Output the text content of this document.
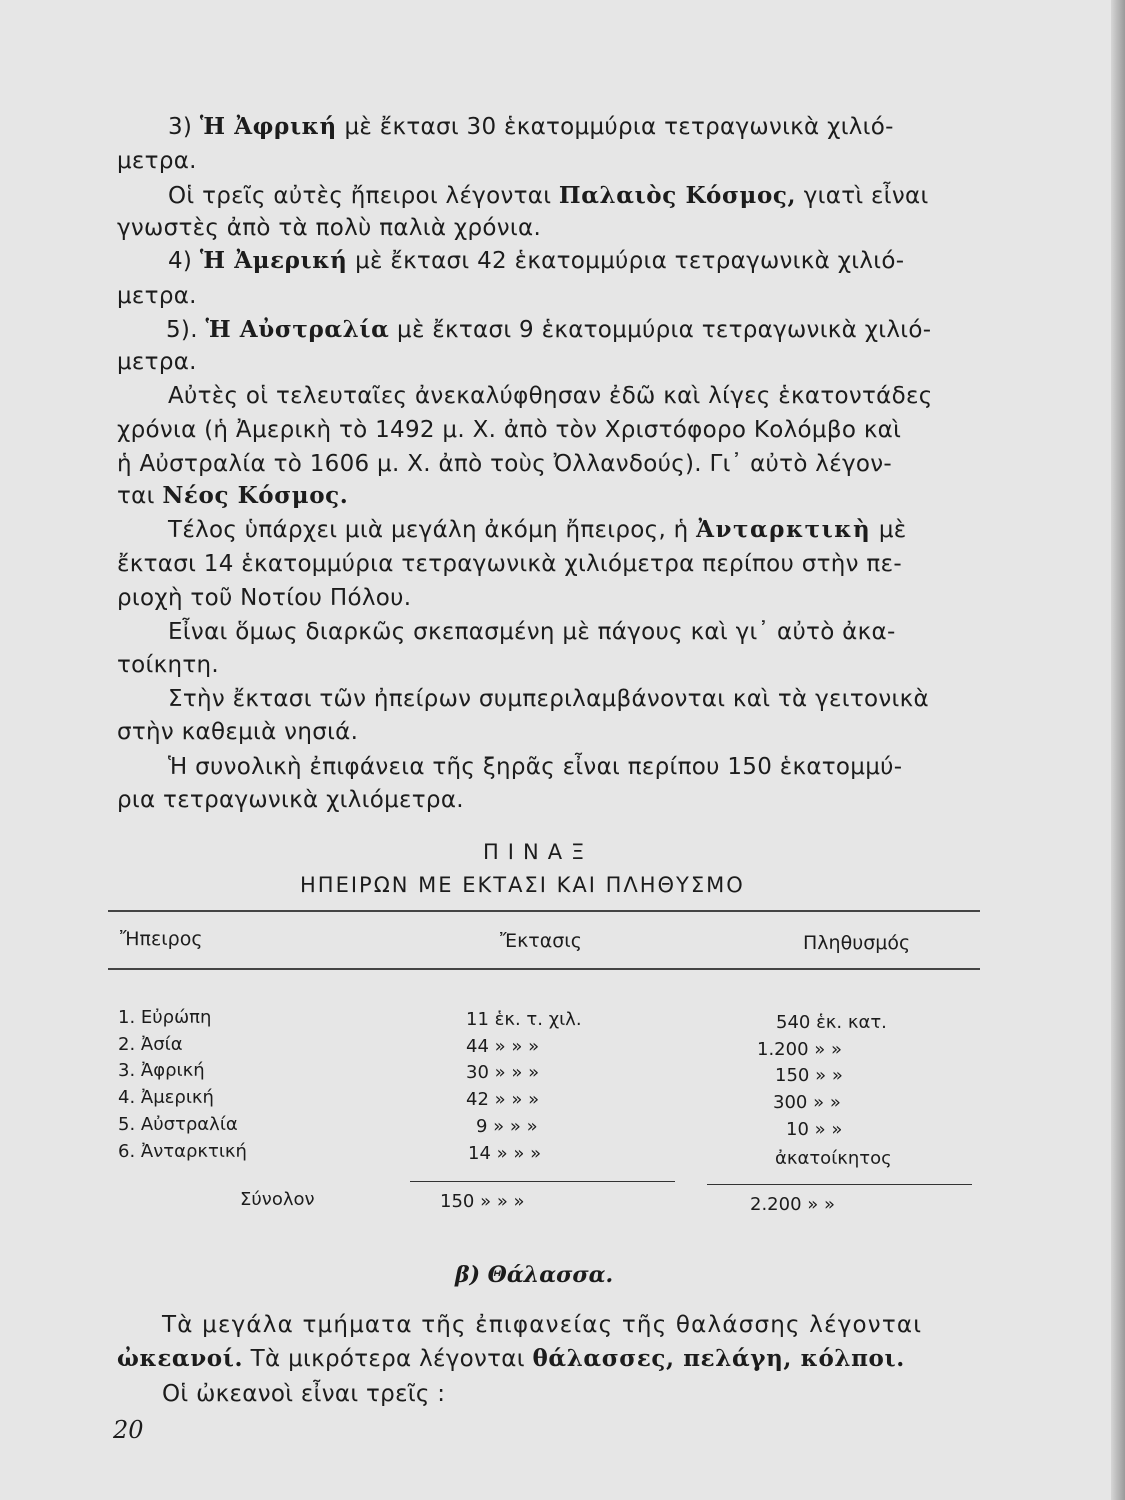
3) Ἡ Ἀφρική μὲ ἔκτασι 30 ἑκατομμύρια τετραγωνικὰ χιλιό-
μετρα.
Οἱ τρεῖς αὐτὲς ἤπειροι λέγονται Παλαιὸς Κόσμος, γιατὶ εἶναι
γνωστὲς ἀπὸ τὰ πολὺ παλιὰ χρόνια.
4) Ἡ Ἀμερική μὲ ἔκτασι 42 ἑκατομμύρια τετραγωνικὰ χιλιό-
μετρα.
5). Ἡ Αὐστραλία μὲ ἔκτασι 9 ἑκατομμύρια τετραγωνικὰ χιλιό-
μετρα.
Αὐτὲς οἱ τελευταῖες ἀνεκαλύφθησαν ἐδῶ καὶ λίγες ἑκατοντάδες
χρόνια (ἡ Ἀμερικὴ τὸ 1492 μ. Χ. ἀπὸ τὸν Χριστόφορο Κολόμβο καὶ
ἡ Αὐστραλία τὸ 1606 μ. Χ. ἀπὸ τοὺς Ὀλλανδούς). Γι᾿ αὐτὸ λέγον-
ται Νέος Κόσμος.
Τέλος ὑπάρχει μιὰ μεγάλη ἀκόμη ἤπειρος, ἡ Ἀνταρκτικὴ μὲ
ἔκτασι 14 ἑκατομμύρια τετραγωνικὰ χιλιόμετρα περίπου στὴν πε-
ριοχὴ τοῦ Νοτίου Πόλου.
Εἶναι ὅμως διαρκῶς σκεπασμένη μὲ πάγους καὶ γι᾿ αὐτὸ ἀκα-
τοίκητη.
Στὴν ἔκτασι τῶν ἠπείρων συμπεριλαμβάνονται καὶ τὰ γειτονικὰ
στὴν καθεμιὰ νησιά.
Ἡ συνολικὴ ἐπιφάνεια τῆς ξηρᾶς εἶναι περίπου 150 ἑκατομμύ-
ρια τετραγωνικὰ χιλιόμετρα.
ΠΙΝΑΞ
ΗΠΕΙΡΩΝ ΜΕ ΕΚΤΑΣΙ ΚΑΙ ΠΛΗΘΥΣΜΟ
Ἤπειρος	Ἔκτασις	Πληθυσμός
1. Εὐρώπη	11 ἑκ. τ. χιλ.	540 ἑκ. κατ.
2. Ἀσία	44 » » »	1.200 » »
3. Ἀφρική	30 » » »	150 » »
4. Ἀμερική	42 » » »	300 » »
5. Αὐστραλία	9 » » »	10 » »
6. Ἀνταρκτική	14 » » »	ἀκατοίκητος
Σύνολον	150 » » »	2.200 » »
β) Θάλασσα.
Τὰ μεγάλα τμήματα τῆς ἐπιφανείας τῆς θαλάσσης λέγονται
ὠκεανοί. Τὰ μικρότερα λέγονται θάλασσες, πελάγη, κόλποι.
Οἱ ὠκεανοὶ εἶναι τρεῖς :
20
